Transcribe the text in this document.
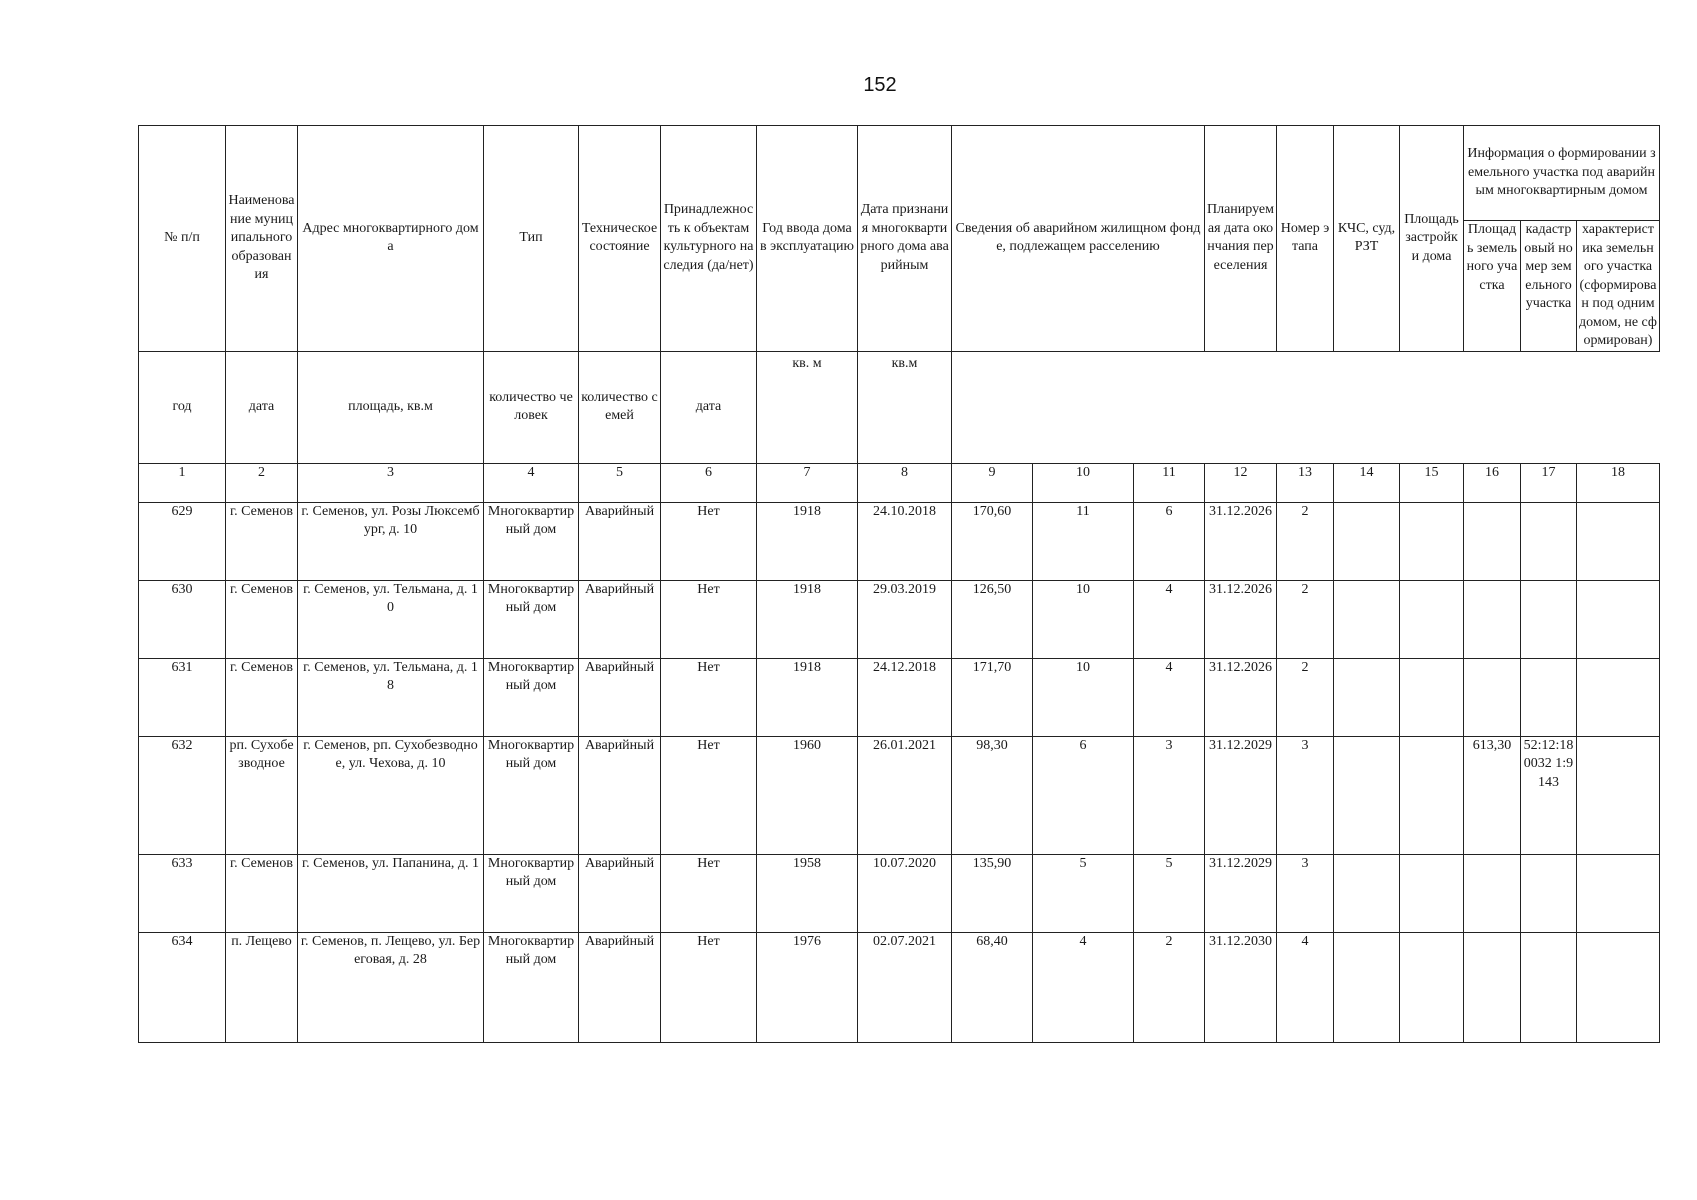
152
№ п/п	Наименование муниципального образования	Адрес многоквартирного дома	Тип	Техническое состояние	Принадлежность к объектам культурного наследия (да/нет)	Год ввода дома в эксплуатацию	Дата признания многоквартирного дома аварийным	Сведения об аварийном жилищном фонде, подлежащем расселению			Планируемая дата окончания переселения	Номер этапа	КЧС, суд, РЗТ	Площадь застройки дома	Информация о формировании земельного участка под аварийным многоквартирным домом		
															Площадь земельного участка	кадастровый номер земельного участка	характеристика земельного участка (сформирован под одним домом, не сформирован)
год	дата	площадь, кв.м	количество человек	количество семей	дата	кв. м	кв.м										
1	2	3	4	5	6	7	8	9	10	11	12	13	14	15	16	17	18
629	г. Семенов	г. Семенов, ул. Розы Люксембург, д. 10	Многоквартирный дом	Аварийный	Нет	1918	24.10.2018	170,60	11	6	31.12.2026	2					
630	г. Семенов	г. Семенов, ул. Тельмана, д. 10	Многоквартирный дом	Аварийный	Нет	1918	29.03.2019	126,50	10	4	31.12.2026	2					
631	г. Семенов	г. Семенов, ул. Тельмана, д. 18	Многоквартирный дом	Аварийный	Нет	1918	24.12.2018	171,70	10	4	31.12.2026	2					
632	рп. Сухобезводное	г. Семенов, рп. Сухобезводное, ул. Чехова, д. 10	Многоквартирный дом	Аварийный	Нет	1960	26.01.2021	98,30	6	3	31.12.2029	3			613,30	52:12:180032 1:9143	
633	г. Семенов	г. Семенов, ул. Папанина, д. 1	Многоквартирный дом	Аварийный	Нет	1958	10.07.2020	135,90	5	5	31.12.2029	3					
634	п. Лещево	г. Семенов, п. Лещево, ул. Береговая, д. 28	Многоквартирный дом	Аварийный	Нет	1976	02.07.2021	68,40	4	2	31.12.2030	4					
